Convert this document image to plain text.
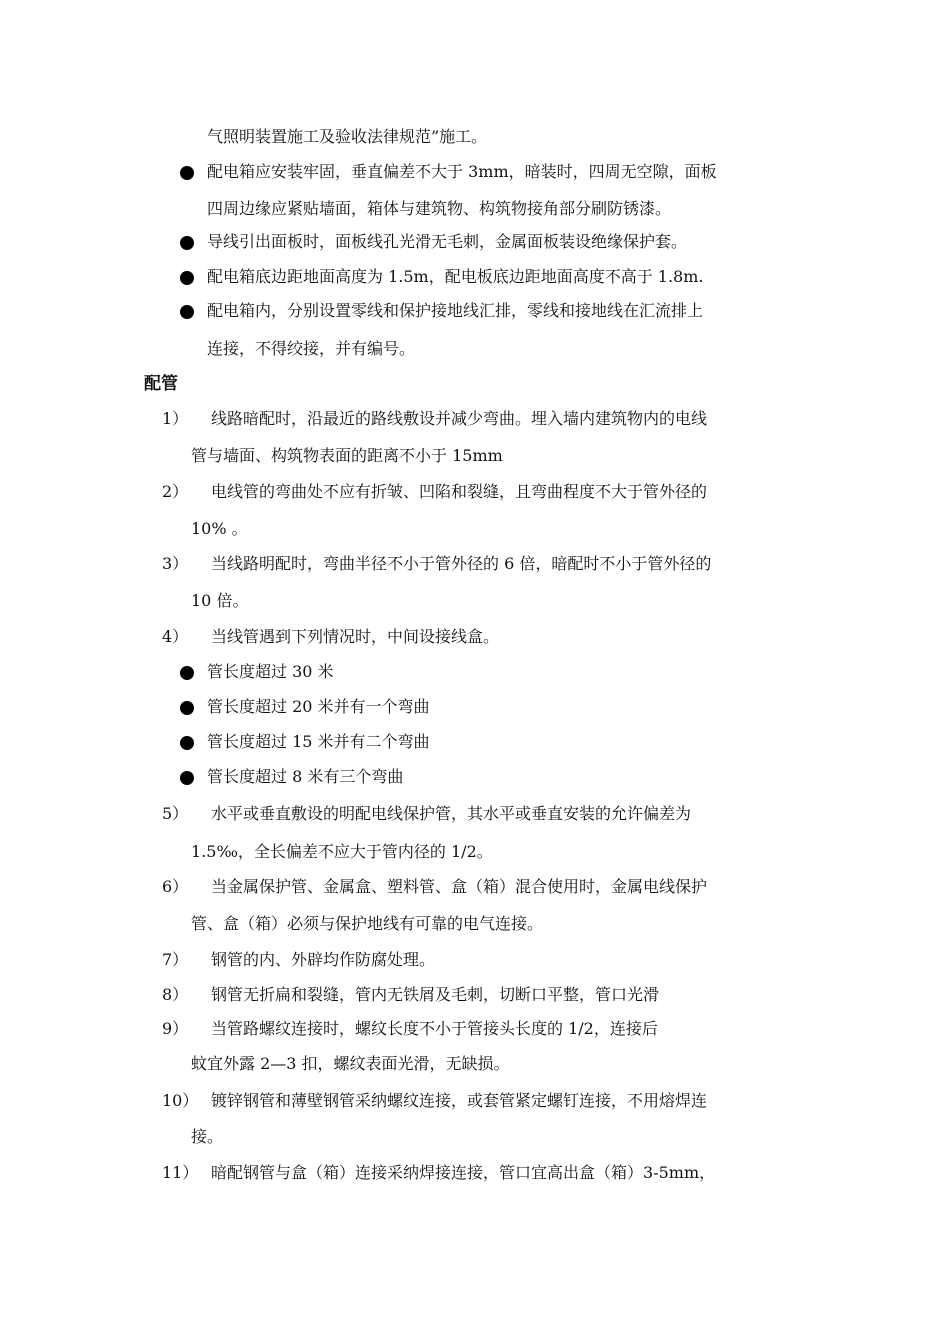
气照明装置施工及验收法律规范”施工。
配电箱应安装牢固，垂直偏差不大于 3mm，暗装时，四周无空隙，面板
四周边缘应紧贴墙面，箱体与建筑物、构筑物接角部分刷防锈漆。
导线引出面板时，面板线孔光滑无毛刺，金属面板装设绝缘保护套。
配电箱底边距地面高度为 1.5m，配电板底边距地面高度不高于 1.8m.
配电箱内，分别设置零线和保护接地线汇排，零线和接地线在汇流排上
连接，不得绞接，并有编号。
配管
1） 线路暗配时，沿最近的路线敷设并减少弯曲。埋入墙内建筑物内的电线
管与墙面、构筑物表面的距离不小于 15mm
2） 电线管的弯曲处不应有折皱、凹陷和裂缝，且弯曲程度不大于管外径的
10% 。
3） 当线路明配时，弯曲半径不小于管外径的 6 倍，暗配时不小于管外径的
10 倍。
4） 当线管遇到下列情况时，中间设接线盒。
管长度超过 30 米
管长度超过 20 米并有一个弯曲
管长度超过 15 米并有二个弯曲
管长度超过 8 米有三个弯曲
5） 水平或垂直敷设的明配电线保护管，其水平或垂直安装的允许偏差为
1.5‰，全长偏差不应大于管内径的 1/2。
6） 当金属保护管、金属盒、塑料管、盒（箱）混合使用时，金属电线保护
管、盒（箱）必须与保护地线有可靠的电气连接。
7） 钢管的内、外辟均作防腐处理。
8） 钢管无折扁和裂缝，管内无铁屑及毛刺，切断口平整，管口光滑
9） 当管路螺纹连接时，螺纹长度不小于管接头长度的 1/2，连接后
蚊宜外露 2—3 扣，螺纹表面光滑，无缺损。
10） 镀锌钢管和薄壁钢管采纳螺纹连接，或套管紧定螺钉连接，不用熔焊连
接。
11） 暗配钢管与盒（箱）连接采纳焊接连接，管口宜高出盒（箱）3-5mm，
